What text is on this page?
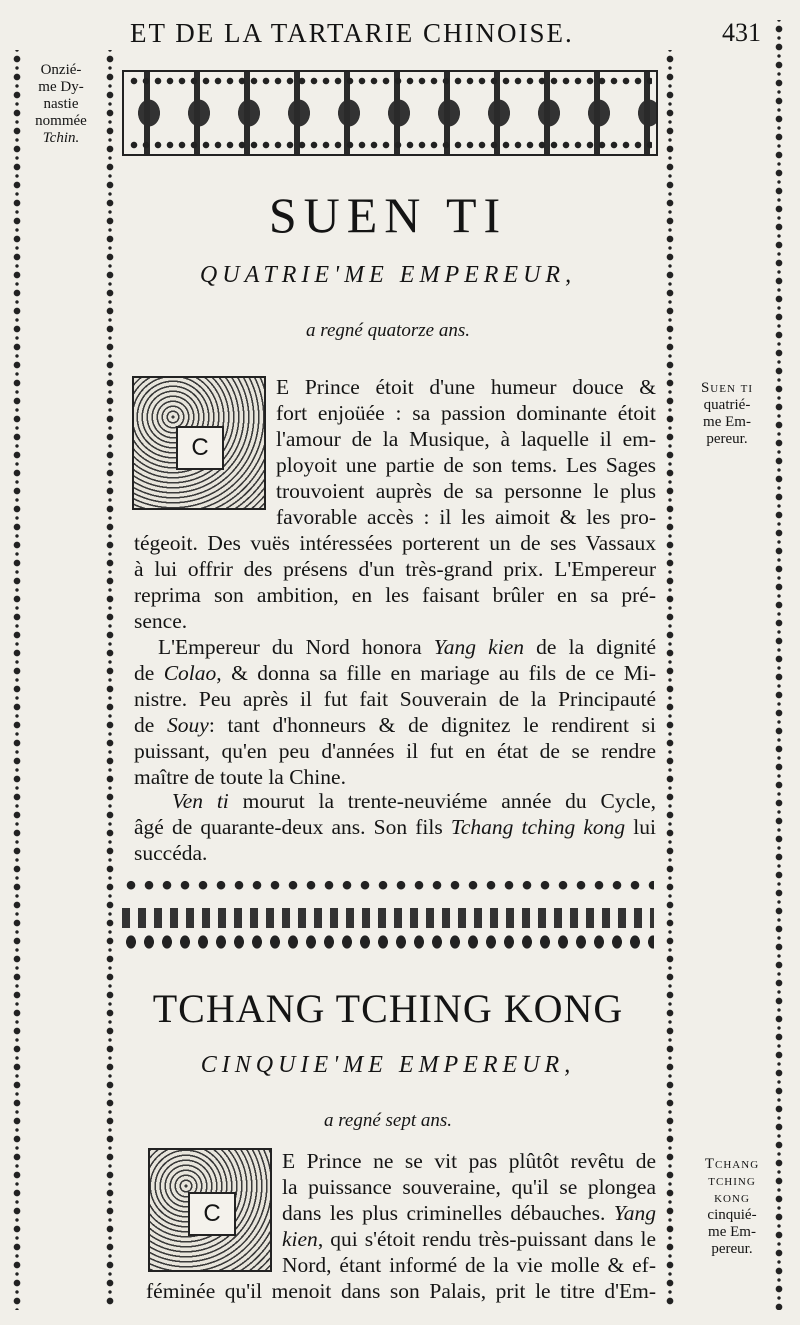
ET DE LA TARTARIE CHINOISE.	431
Onzié-
me Dy-
nastie
nommée
Tchin.
Suen ti
quatrié-
me Em-
pereur.
Tchang
tching
kong
cinquié-
me Em-
pereur.
SUEN TI
QUATRIE'ME EMPEREUR,
a regné quatorze ans.
C
E Prince étoit d'une humeur douce &
fort enjoüée : sa passion dominante étoit
l'amour de la Musique, à laquelle il em-
ployoit une partie de son tems. Les Sages
trouvoient auprès de sa personne le plus
favorable accès : il les aimoit & les pro-
tégeoit. Des vuës intéressées porterent un de ses Vassaux
à lui offrir des présens d'un très-grand prix. L'Empereur
reprima son ambition, en les faisant brûler en sa pré-
sence.
L'Empereur du Nord honora Yang kien de la dignité
de Colao, & donna sa fille en mariage au fils de ce Mi-
nistre. Peu après il fut fait Souverain de la Principauté
de Souy: tant d'honneurs & de dignitez le rendirent si
puissant, qu'en peu d'années il fut en état de se rendre
maître de toute la Chine.
Ven ti mourut la trente-neuviéme année du Cycle,
âgé de quarante-deux ans. Son fils Tchang tching kong lui
succéda.
TCHANG TCHING KONG
CINQUIE'ME EMPEREUR,
a regné sept ans.
C
E Prince ne se vit pas plûtôt revêtu de
la puissance souveraine, qu'il se plongea
dans les plus criminelles débauches. Yang
kien, qui s'étoit rendu très-puissant dans le
Nord, étant informé de la vie molle & ef-
féminée qu'il menoit dans son Palais, prit le titre d'Em-
